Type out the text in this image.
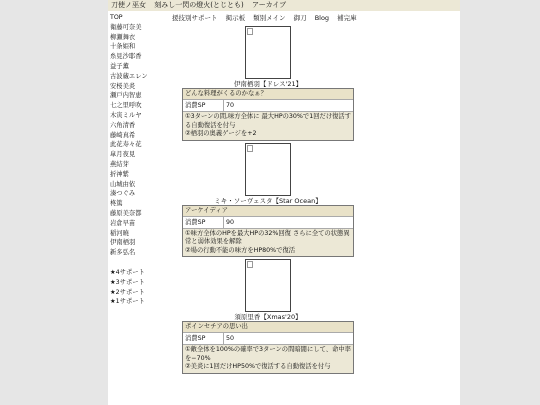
刀使ノ巫女 刻みし一閃の燈火(とじとも) アーカイブ
援技別サポート 掲示板 類別メイン 御刀 Blog 補完庫
TOP
衛藤可奈美
柳瀬舞衣
十条姫和
糸見沙耶香
益子薫
古波蔵エレン
安桜美炎
瀬戸内智恵
七之里呼吹
木寅ミルヤ
六角清香
藤崎真希
此花寿々花
皐月夜見
燕結芽
折神紫
山城由依
湊つぐみ
柊篤
藤原美奈都
岩倉早苗
稲河暁
伊南栖羽
新多弘名
★4サポート
★3サポート
★2サポート
★1サポート
伊南栖羽【ドレス'21】
どんな料理がくるのかなぁ？
消費SP	70
①3ターンの間,味方全体に 最大HPの30%で1回だけ復活する自動復活を付与
②栖羽の奥義ゲージを+2
ミキ・ソーヴェスタ【Star Ocean】
アーケイディア
消費SP	90
①味方全体のHPを最大HPの32%回復 さらに全ての状態異常と弱体効果を解除
②場の行動不能の味方をHP80%で復活
須原里香【Xmas'20】
ポインセチアの思い出
消費SP	50
①敵全体を100%の確率で3ターンの間暗闇にして、命中率を−70%
②美炎に1回だけHP50%で復活する自動復活を付与
